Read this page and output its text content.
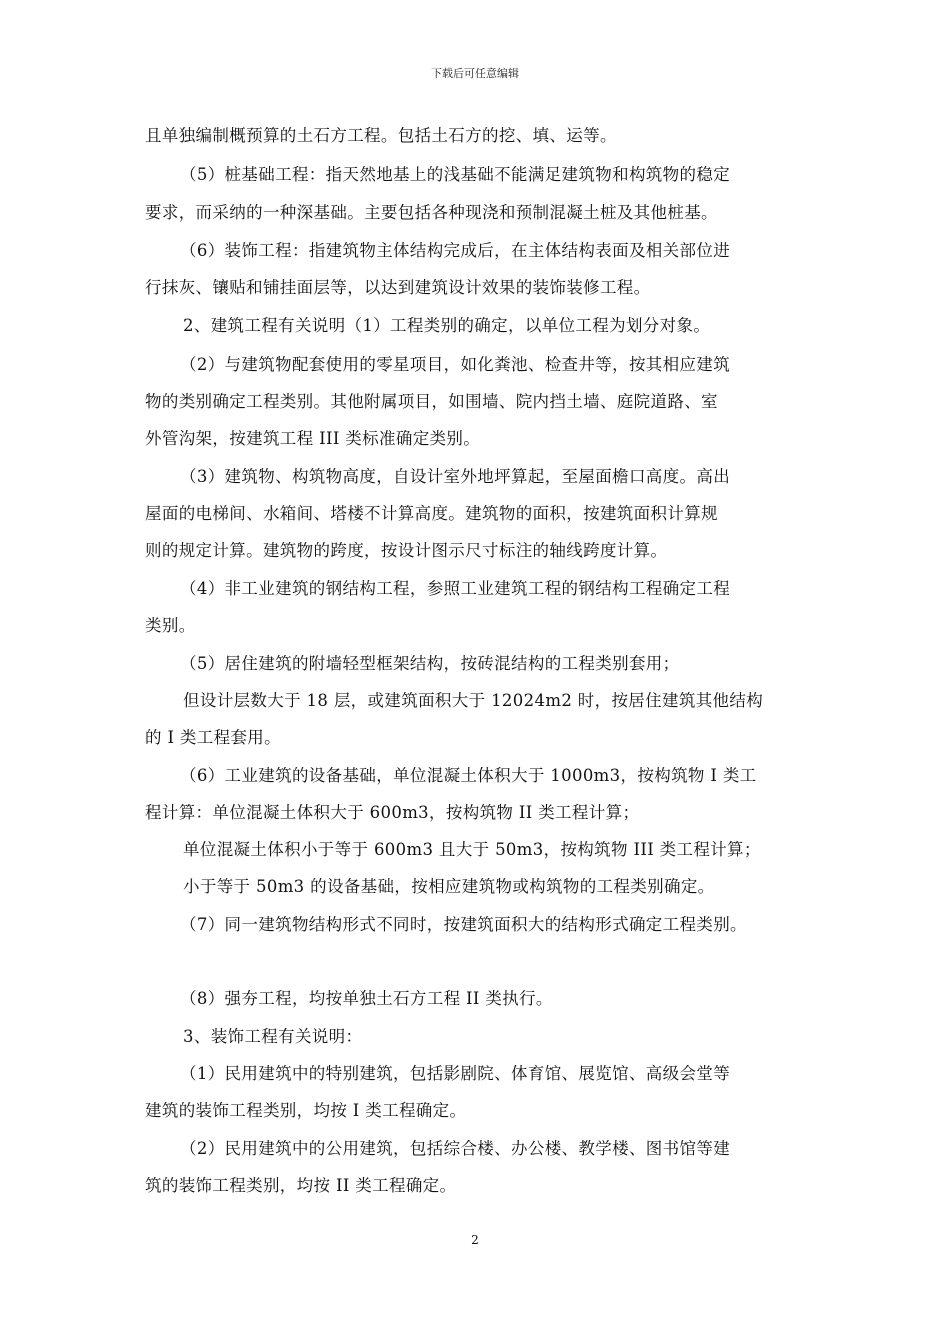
下载后可任意编辑
且单独编制概预算的土石方工程。包括土石方的挖、填、运等。
（5）桩基础工程：指天然地基上的浅基础不能满足建筑物和构筑物的稳定
要求，而采纳的一种深基础。主要包括各种现浇和预制混凝土桩及其他桩基。
（6）装饰工程：指建筑物主体结构完成后，在主体结构表面及相关部位进
行抹灰、镶贴和铺挂面层等，以达到建筑设计效果的装饰装修工程。
2、建筑工程有关说明（1）工程类别的确定，以单位工程为划分对象。
（2）与建筑物配套使用的零星项目，如化粪池、检查井等，按其相应建筑
物的类别确定工程类别。其他附属项目，如围墙、院内挡土墙、庭院道路、室
外管沟架，按建筑工程 III 类标准确定类别。
（3）建筑物、构筑物高度，自设计室外地坪算起，至屋面檐口高度。高出
屋面的电梯间、水箱间、塔楼不计算高度。建筑物的面积，按建筑面积计算规
则的规定计算。建筑物的跨度，按设计图示尺寸标注的轴线跨度计算。
（4）非工业建筑的钢结构工程，参照工业建筑工程的钢结构工程确定工程
类别。
（5）居住建筑的附墙轻型框架结构，按砖混结构的工程类别套用；
但设计层数大于 18 层，或建筑面积大于 12024m2 时，按居住建筑其他结构
的 I 类工程套用。
（6）工业建筑的设备基础，单位混凝土体积大于 1000m3，按构筑物 I 类工
程计算：单位混凝土体积大于 600m3，按构筑物 II 类工程计算；
单位混凝土体积小于等于 600m3 且大于 50m3，按构筑物 III 类工程计算；
小于等于 50m3 的设备基础，按相应建筑物或构筑物的工程类别确定。
（7）同一建筑物结构形式不同时，按建筑面积大的结构形式确定工程类别。
（8）强夯工程，均按单独土石方工程 II 类执行。
3、装饰工程有关说明：
（1）民用建筑中的特别建筑，包括影剧院、体育馆、展览馆、高级会堂等
建筑的装饰工程类别，均按 I 类工程确定。
（2）民用建筑中的公用建筑，包括综合楼、办公楼、教学楼、图书馆等建
筑的装饰工程类别，均按 II 类工程确定。
2
